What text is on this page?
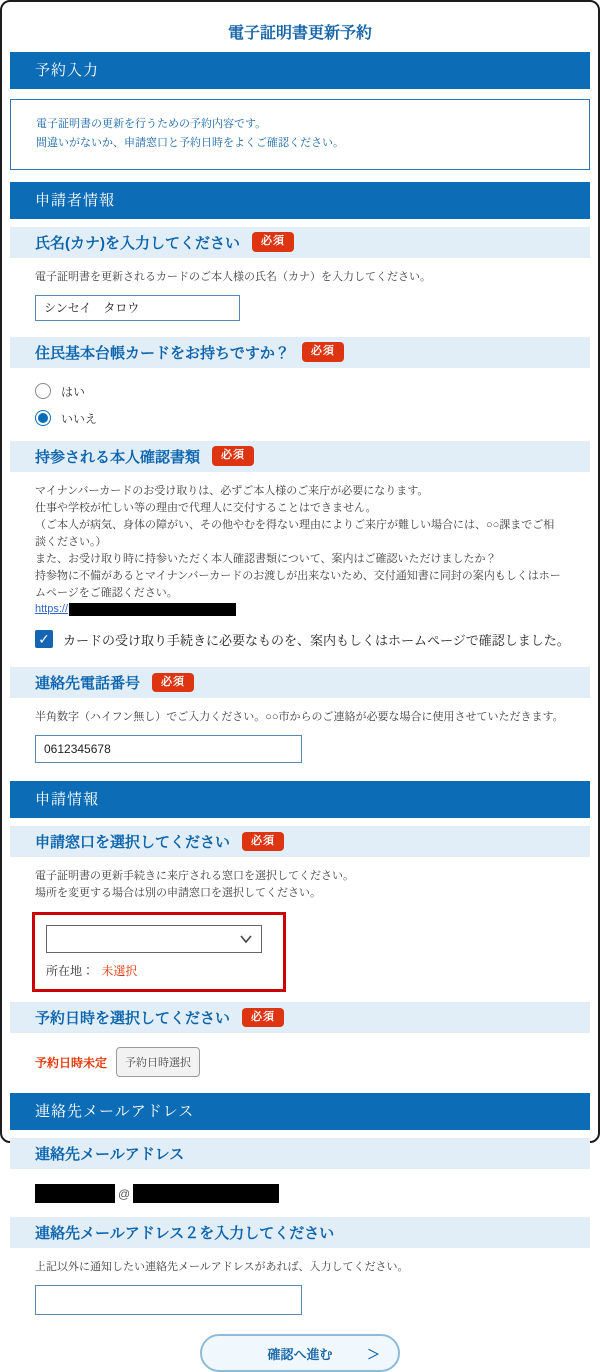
電子証明書更新予約
予約入力
電子証明書の更新を行うための予約内容です。
間違いがないか、申請窓口と予約日時をよくご確認ください。
申請者情報
氏名(カナ)を入力してください	必須
電子証明書を更新されるカードのご本人様の氏名（カナ）を入力してください。
シンセイ　タロウ
住民基本台帳カードをお持ちですか？	必須
はい
いいえ
持参される本人確認書類	必須
マイナンバーカードのお受け取りは、必ずご本人様のご来庁が必要になります。
仕事や学校が忙しい等の理由で代理人に交付することはできません。
（ご本人が病気、身体の障がい、その他やむを得ない理由によりご来庁が難しい場合には、○○課までご相談ください。）
また、お受け取り時に持参いただく本人確認書類について、案内はご確認いただけましたか？
持参物に不備があるとマイナンバーカードのお渡しが出来ないため、交付通知書に同封の案内もしくはホームページをご確認ください。
https://
✓ カードの受け取り手続きに必要なものを、案内もしくはホームページで確認しました。
連絡先電話番号	必須
半角数字（ハイフン無し）でご入力ください。○○市からのご連絡が必要な場合に使用させていただきます。
0612345678
申請情報
申請窓口を選択してください	必須
電子証明書の更新手続きに来庁される窓口を選択してください。
場所を変更する場合は別の申請窓口を選択してください。
所在地： 未選択
予約日時を選択してください	必須
予約日時未定	予約日時選択
連絡先メールアドレス
連絡先メールアドレス
@
連絡先メールアドレス２を入力してください
上記以外に通知したい連絡先メールアドレスがあれば、入力してください。
確認へ進む	＞
